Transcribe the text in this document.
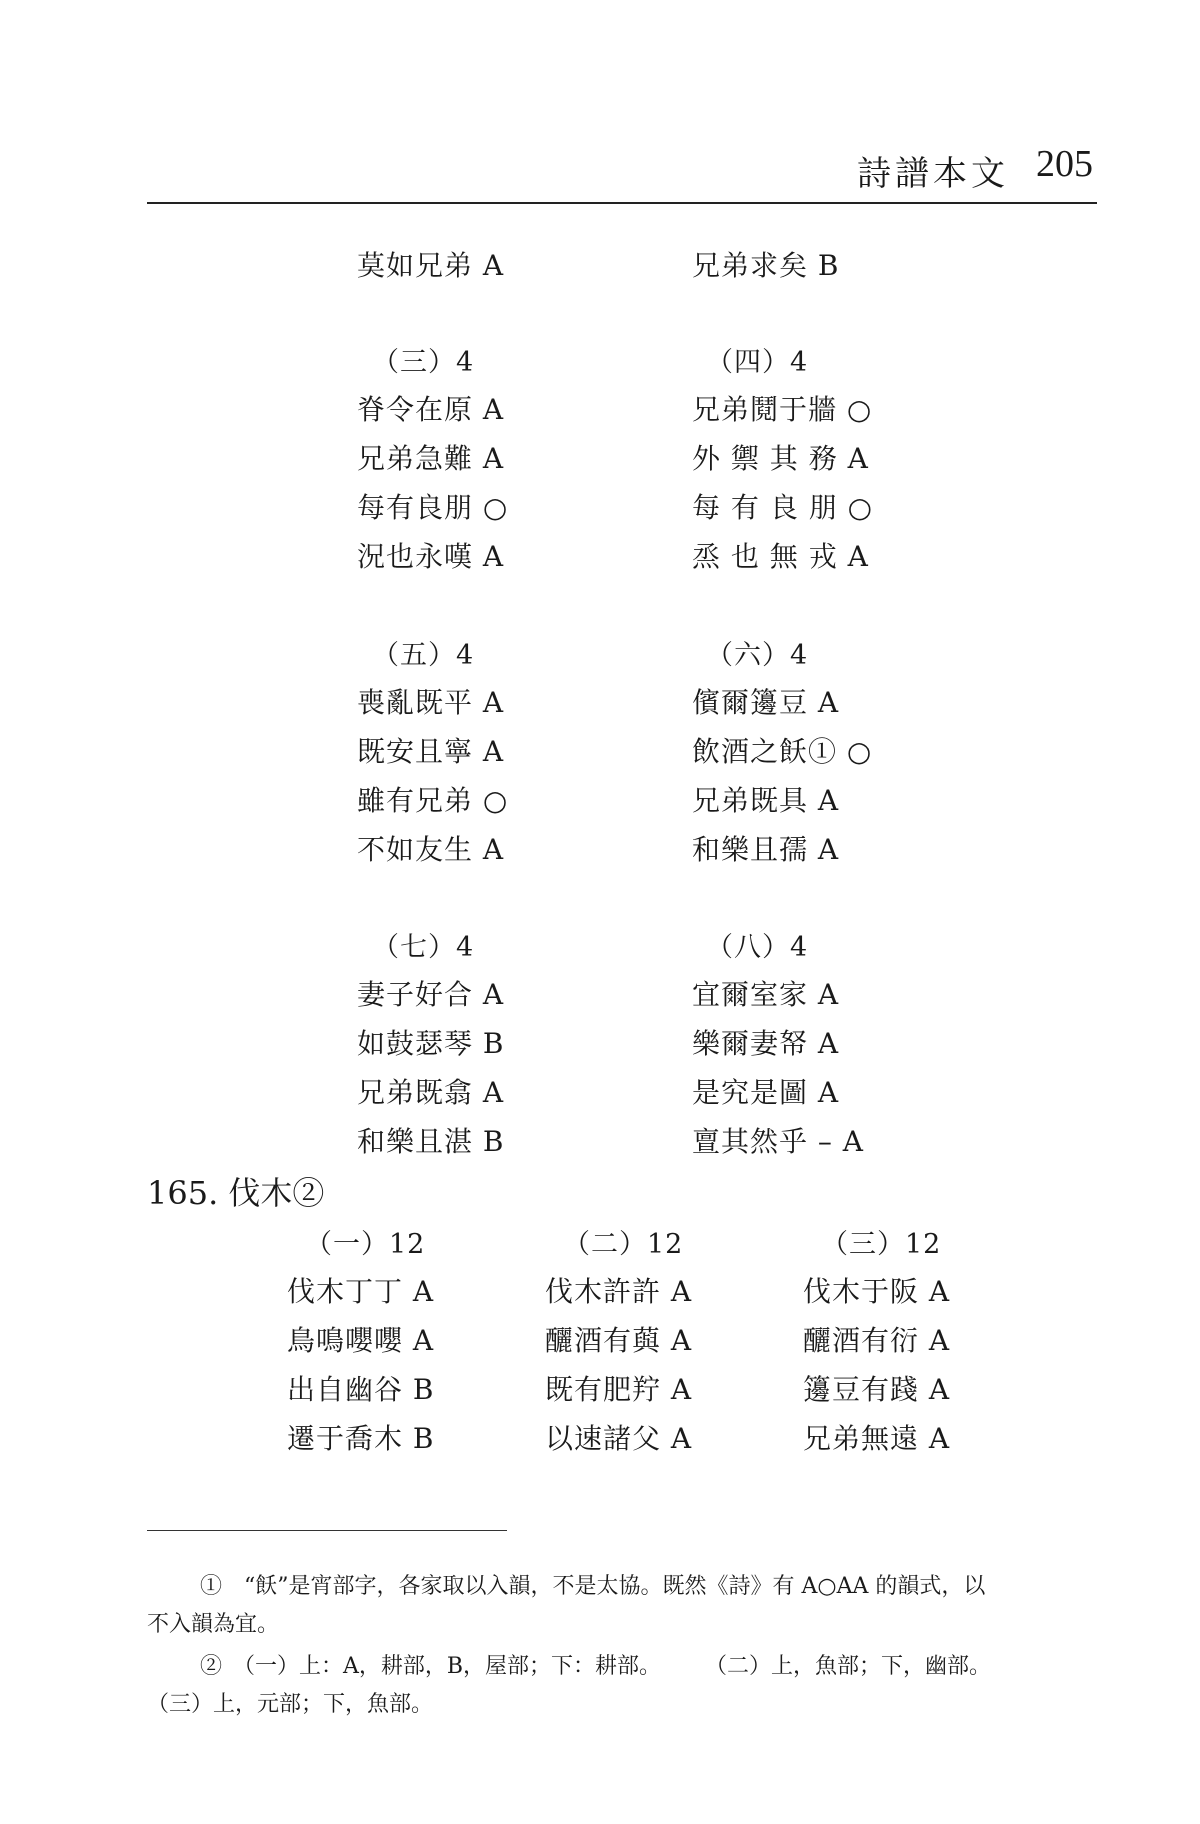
詩譜本文 205
莫如兄弟 A	兄弟求矣 B
（三）4
脊令在原 A
兄弟急難 A
每有良朋 ○
況也永嘆 A
（四）4
兄弟鬩于牆 ○
外 禦 其 務 A
每 有 良 朋 ○
烝 也 無 戎 A
（五）4
喪亂既平 A
既安且寧 A
雖有兄弟 ○
不如友生 A
（六）4
儐爾籩豆 A
飲酒之飫① ○
兄弟既具 A
和樂且孺 A
（七）4
妻子好合 A
如鼓瑟琴 B
兄弟既翕 A
和樂且湛 B
（八）4
宜爾室家 A
樂爾妻帑 A
是究是圖 A
亶其然乎 – A
165. 伐木②
（一）12
伐木丁丁 A
鳥鳴嚶嚶 A
出自幽谷 B
遷于喬木 B
（二）12
伐木許許 A
釃酒有藇 A
既有肥羜 A
以速諸父 A
（三）12
伐木于阪 A
釃酒有衍 A
籩豆有踐 A
兄弟無遠 A
①　“飫”是宵部字，各家取以入韻，不是太協。既然《詩》有 A○AA 的韻式，以
不入韻為宜。
②　（一）上：A，耕部，B，屋部；下：耕部。　　　（二）上，魚部；下，幽部。
（三）上，元部；下，魚部。
